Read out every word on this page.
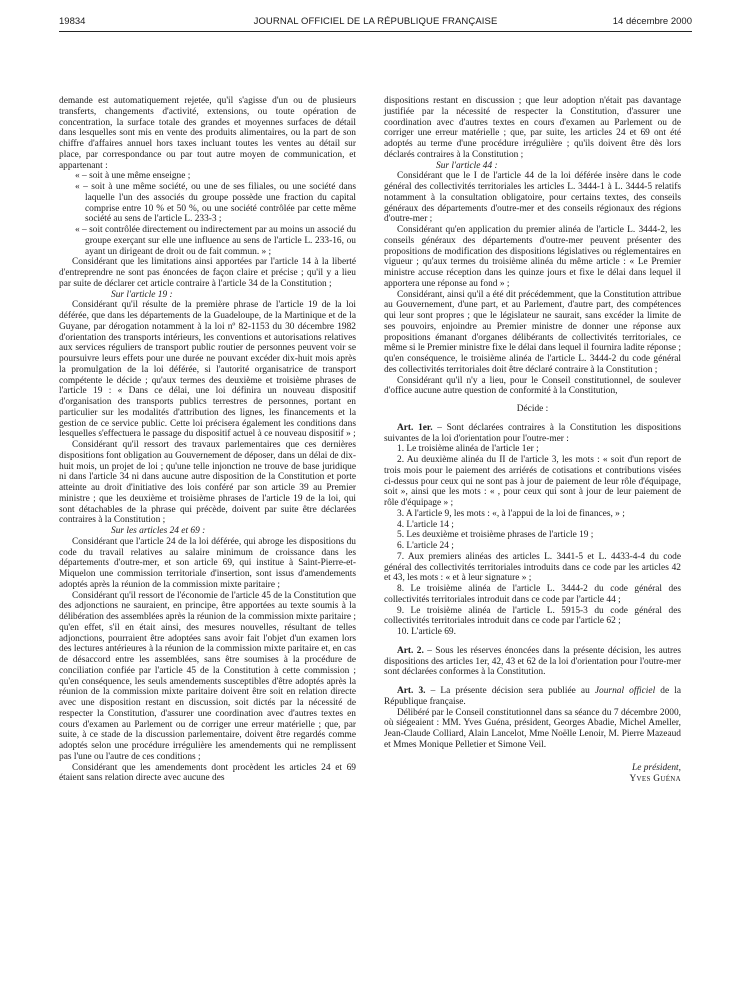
19834	JOURNAL OFFICIEL DE LA RÉPUBLIQUE FRANÇAISE	14 décembre 2000

demande est automatiquement rejetée, qu'il s'agisse d'un ou de plusieurs transferts, changements d'activité, extensions, ou toute opération de concentration, la surface totale des grandes et moyennes surfaces de détail dans lesquelles sont mis en vente des produits alimentaires, ou la part de son chiffre d'affaires annuel hors taxes incluant toutes les ventes au détail sur place, par correspondance ou par tout autre moyen de communication, et appartenant :

« – soit à une même enseigne ;

« – soit à une même société, ou une de ses filiales, ou une société dans laquelle l'un des associés du groupe possède une fraction du capital comprise entre 10 % et 50 %, ou une société contrôlée par cette même société au sens de l'article L. 233-3 ;

« – soit contrôlée directement ou indirectement par au moins un associé du groupe exerçant sur elle une influence au sens de l'article L. 233-16, ou ayant un dirigeant de droit ou de fait commun. » ;

Considérant que les limitations ainsi apportées par l'article 14 à la liberté d'entreprendre ne sont pas énoncées de façon claire et précise ; qu'il y a lieu par suite de déclarer cet article contraire à l'article 34 de la Constitution ;

Sur l'article 19 :

Considérant qu'il résulte de la première phrase de l'article 19 de la loi déférée, que dans les départements de la Guadeloupe, de la Martinique et de la Guyane, par dérogation notamment à la loi nº 82-1153 du 30 décembre 1982 d'orientation des transports intérieurs, les conventions et autorisations relatives aux services réguliers de transport public routier de personnes peuvent voir se poursuivre leurs effets pour une durée ne pouvant excéder dix-huit mois après la promulgation de la loi déférée, si l'autorité organisatrice de transport compétente le décide ; qu'aux termes des deuxième et troisième phrases de l'article 19 : « Dans ce délai, une loi définira un nouveau dispositif d'organisation des transports publics terrestres de personnes, portant en particulier sur les modalités d'attribution des lignes, les financements et la gestion de ce service public. Cette loi précisera également les conditions dans lesquelles s'effectuera le passage du dispositif actuel à ce nouveau dispositif » ;

Considérant qu'il ressort des travaux parlementaires que ces dernières dispositions font obligation au Gouvernement de déposer, dans un délai de dix-huit mois, un projet de loi ; qu'une telle injonction ne trouve de base juridique ni dans l'article 34 ni dans aucune autre disposition de la Constitution et porte atteinte au droit d'initiative des lois conféré par son article 39 au Premier ministre ; que les deuxième et troisième phrases de l'article 19 de la loi, qui sont détachables de la phrase qui précède, doivent par suite être déclarées contraires à la Constitution ;

Sur les articles 24 et 69 :

Considérant que l'article 24 de la loi déférée, qui abroge les dispositions du code du travail relatives au salaire minimum de croissance dans les départements d'outre-mer, et son article 69, qui institue à Saint-Pierre-et-Miquelon une commission territoriale d'insertion, sont issus d'amendements adoptés après la réunion de la commission mixte paritaire ;

Considérant qu'il ressort de l'économie de l'article 45 de la Constitution que des adjonctions ne sauraient, en principe, être apportées au texte soumis à la délibération des assemblées après la réunion de la commission mixte paritaire ; qu'en effet, s'il en était ainsi, des mesures nouvelles, résultant de telles adjonctions, pourraient être adoptées sans avoir fait l'objet d'un examen lors des lectures antérieures à la réunion de la commission mixte paritaire et, en cas de désaccord entre les assemblées, sans être soumises à la procédure de conciliation confiée par l'article 45 de la Constitution à cette commission ; qu'en conséquence, les seuls amendements susceptibles d'être adoptés après la réunion de la commission mixte paritaire doivent être soit en relation directe avec une disposition restant en discussion, soit dictés par la nécessité de respecter la Constitution, d'assurer une coordination avec d'autres textes en cours d'examen au Parlement ou de corriger une erreur matérielle ; que, par suite, à ce stade de la discussion parlementaire, doivent être regardés comme adoptés selon une procédure irrégulière les amendements qui ne remplissent pas l'une ou l'autre de ces conditions ;

Considérant que les amendements dont procèdent les articles 24 et 69 étaient sans relation directe avec aucune des

dispositions restant en discussion ; que leur adoption n'était pas davantage justifiée par la nécessité de respecter la Constitution, d'assurer une coordination avec d'autres textes en cours d'examen au Parlement ou de corriger une erreur matérielle ; que, par suite, les articles 24 et 69 ont été adoptés au terme d'une procédure irrégulière ; qu'ils doivent être dès lors déclarés contraires à la Constitution ;

Sur l'article 44 :

Considérant que le I de l'article 44 de la loi déférée insère dans le code général des collectivités territoriales les articles L. 3444-1 à L. 3444-5 relatifs notamment à la consultation obligatoire, pour certains textes, des conseils généraux des départements d'outre-mer et des conseils régionaux des régions d'outre-mer ;

Considérant qu'en application du premier alinéa de l'article L. 3444-2, les conseils généraux des départements d'outre-mer peuvent présenter des propositions de modification des dispositions législatives ou réglementaires en vigueur ; qu'aux termes du troisième alinéa du même article : « Le Premier ministre accuse réception dans les quinze jours et fixe le délai dans lequel il apportera une réponse au fond » ;

Considérant, ainsi qu'il a été dit précédemment, que la Constitution attribue au Gouvernement, d'une part, et au Parlement, d'autre part, des compétences qui leur sont propres ; que le législateur ne saurait, sans excéder la limite de ses pouvoirs, enjoindre au Premier ministre de donner une réponse aux propositions émanant d'organes délibérants de collectivités territoriales, ce même si le Premier ministre fixe le délai dans lequel il fournira ladite réponse ; qu'en conséquence, le troisième alinéa de l'article L. 3444-2 du code général des collectivités territoriales doit être déclaré contraire à la Constitution ;

Considérant qu'il n'y a lieu, pour le Conseil constitutionnel, de soulever d'office aucune autre question de conformité à la Constitution,

Décide :

Art. 1er. – Sont déclarées contraires à la Constitution les dispositions suivantes de la loi d'orientation pour l'outre-mer :

1. Le troisième alinéa de l'article 1er ;

2. Au deuxième alinéa du II de l'article 3, les mots : « soit d'un report de trois mois pour le paiement des arriérés de cotisations et contributions visées ci-dessus pour ceux qui ne sont pas à jour de paiement de leur rôle d'équipage, soit », ainsi que les mots : « , pour ceux qui sont à jour de leur paiement de rôle d'équipage » ;

3. A l'article 9, les mots : «, à l'appui de la loi de finances, » ;

4. L'article 14 ;

5. Les deuxième et troisième phrases de l'article 19 ;

6. L'article 24 ;

7. Aux premiers alinéas des articles L. 3441-5 et L. 4433-4-4 du code général des collectivités territoriales introduits dans ce code par les articles 42 et 43, les mots : « et à leur signature » ;

8. Le troisième alinéa de l'article L. 3444-2 du code général des collectivités territoriales introduit dans ce code par l'article 44 ;

9. Le troisième alinéa de l'article L. 5915-3 du code général des collectivités territoriales introduit dans ce code par l'article 62 ;

10. L'article 69.

Art. 2. – Sous les réserves énoncées dans la présente décision, les autres dispositions des articles 1er, 42, 43 et 62 de la loi d'orientation pour l'outre-mer sont déclarées conformes à la Constitution.

Art. 3. – La présente décision sera publiée au Journal officiel de la République française.

Délibéré par le Conseil constitutionnel dans sa séance du 7 décembre 2000, où siégeaient : MM. Yves Guéna, président, Georges Abadie, Michel Ameller, Jean-Claude Colliard, Alain Lancelot, Mme Noëlle Lenoir, M. Pierre Mazeaud et Mmes Monique Pelletier et Simone Veil.

Le président,
Yves Guéna
